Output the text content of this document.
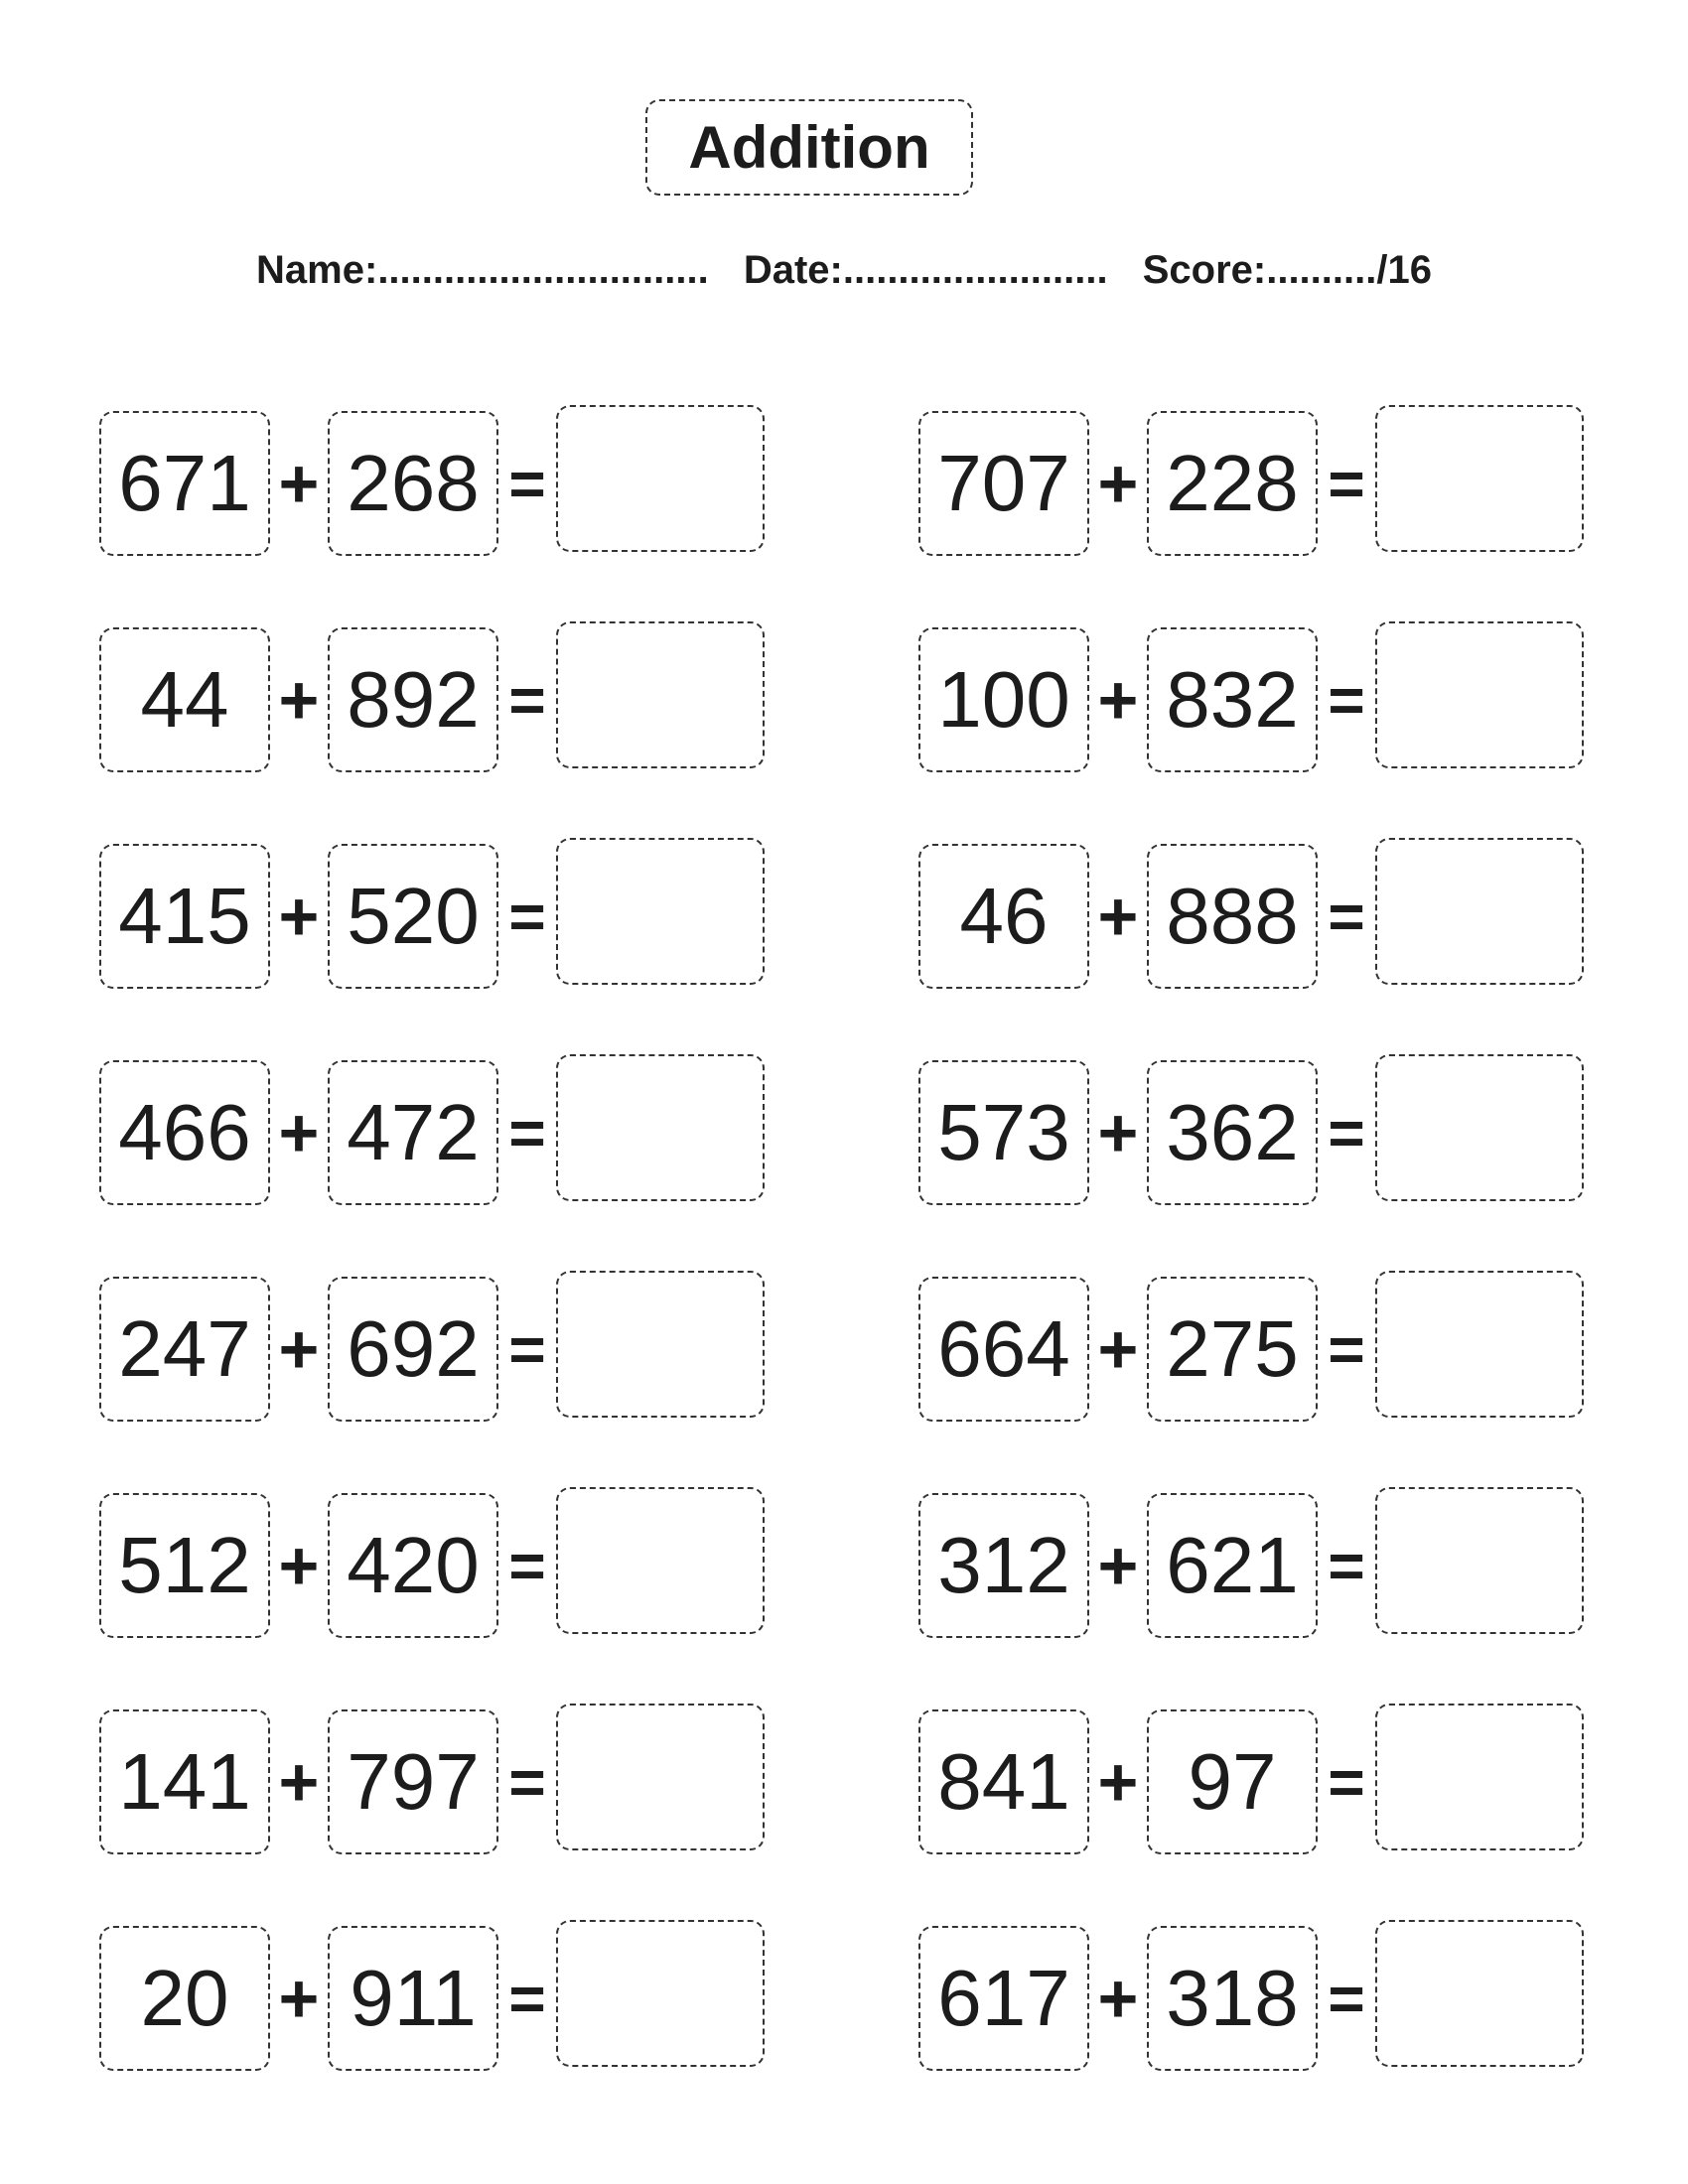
Addition
Name:.............................. Date:........................ Score:........../16
671 + 268 =
44 + 892 =
415 + 520 =
466 + 472 =
247 + 692 =
512 + 420 =
141 + 797 =
20 + 911 =
707 + 228 =
100 + 832 =
46 + 888 =
573 + 362 =
664 + 275 =
312 + 621 =
841 + 97 =
617 + 318 =
